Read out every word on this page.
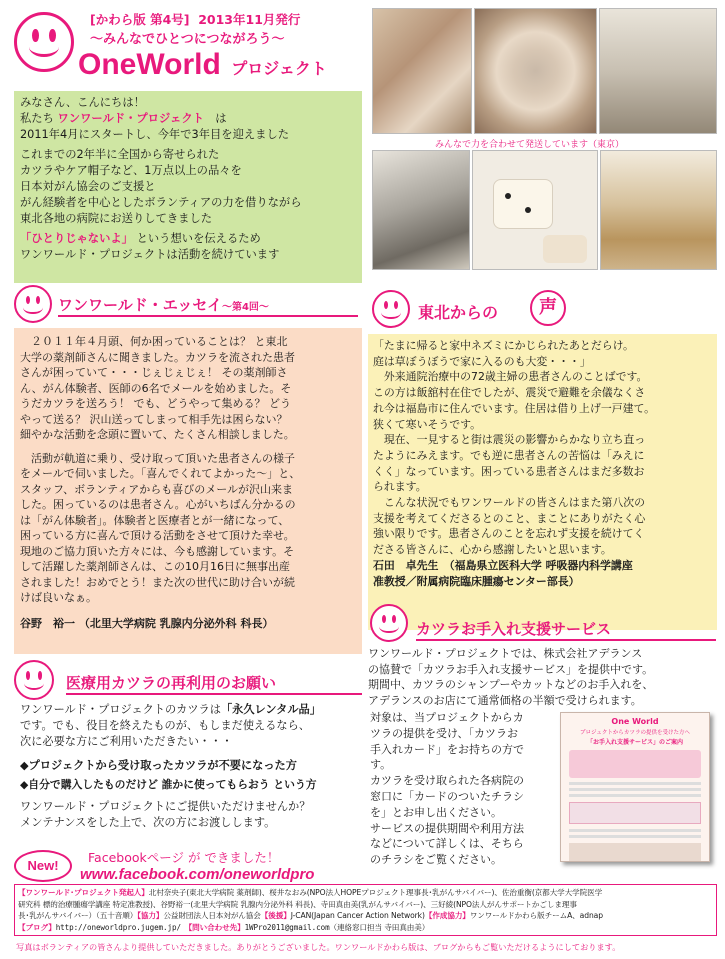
[かわら版 第4号] 2013年11月発行
～みんなでひとつにつながろう～
OneWorld プロジェクト
みなさん、こんにちは！
私たち ワンワールド・プロジェクト　 は
2011年4月にスタートし、今年で3年目を迎えました
これまでの2年半に全国から寄せられた
カツラやケア帽子など、1万点以上の品々を
日本対がん協会のご支援と
がん経験者を中心としたボランティアの力を借りながら
東北各地の病院にお送りしてきました
「ひとりじゃないよ」 という想いを伝えるため
ワンワールド・プロジェクトは活動を続けています
みんなで力を合わせて発送しています（東京）
ワンワールド・エッセイ～第4回～
　２０１１年４月頭、何か困っていることは？ と東北
大学の薬剤師さんに聞きました。カツラを流された患者
さんが困っていて・・・じぇじぇじぇ！ その薬剤師さ
ん、がん体験者、医師の6名でメールを始めました。そ
うだカツラを送ろう！ でも、どうやって集める？ どう
やって送る？ 沢山送ってしまって相手先は困らない？
細やかな活動を念頭に置いて、たくさん相談しました。
　活動が軌道に乗り、受け取って頂いた患者さんの様子
をメールで伺いました。「喜んでくれてよかった～」と、
スタッフ、ボランティアからも喜びのメールが沢山来ま
した。困っているのは患者さん。心がいちばん分かるの
は「がん体験者」。体験者と医療者とが一緒になって、
困っている方に喜んで頂ける活動をさせて頂けた幸せ。
現地のご協力頂いた方々には、今も感謝しています。そ
して活躍した薬剤師さんは、この10月16日に無事出産
されました！おめでとう！また次の世代に助け合いが続
けば良いなぁ。
谷野　裕一 （北里大学病院 乳腺内分泌外科 科長）
東北からの	声
「たまに帰ると家中ネズミにかじられたあとだらけ。
庭は草ぼうぼうで家に入るのも大変・・・」
　外来通院治療中の72歳主婦の患者さんのことばです。
この方は飯舘村在住でしたが、震災で避難を余儀なくさ
れ今は福島市に住んでいます。住居は借り上げ一戸建て。
狭くて寒いそうです。
　現在、一見すると街は震災の影響からかなり立ち直っ
たようにみえます。でも逆に患者さんの苦悩は「みえに
くく」なっています。困っている患者さんはまだ多数お
られます。
　こんな状況でもワンワールドの皆さんはまた第八次の
支援を考えてくださるとのこと、まことにありがたく心
強い限りです。患者さんのことを忘れず支援を続けてく
ださる皆さんに、心から感謝したいと思います。
石田　卓先生　（福島県立医科大学 呼吸器内科学講座
准教授／附属病院臨床腫瘍センター部長）
医療用カツラの再利用のお願い
ワンワールド・プロジェクトのカツラは「永久レンタル品」
です。でも、役目を終えたものが、もしまだ使えるなら、
次に必要な方にご利用いただきたい・・・
◆プロジェクトから受け取ったカツラが不要になった方
◆自分で購入したものだけど 誰かに使ってもらおう という方
ワンワールド・プロジェクトにご提供いただけませんか？
メンテナンスをした上で、次の方にお渡しします。
New!
Facebookページ が できました！
www.facebook.com/oneworldpro
カツラお手入れ支援サービス
ワンワールド・プロジェクトでは、株式会社アデランス
の協賛で「カツラお手入れ支援サービス」を提供中です。
期間中、カツラのシャンプーやカットなどのお手入れを、
アデランスのお店にて通常価格の半額で受けられます。
対象は、当プロジェクトからカ
ツラの提供を受け、「カツラお
手入れカード」をお持ちの方で
す。
カツラを受け取られた各病院の
窓口に「カードのついたチラシ
を」とお申し出ください。
サービスの提供期間や利用方法
などについて詳しくは、そちら
のチラシをご覧ください。
One World
プロジェクトからカツラの提供を受けた方へ
「お手入れ支援サービス」のご案内
【ワンワールド･プロジェクト発起人】北村奈央子(東北大学病院 薬剤師)、桜井なおみ(NPO法人HOPEプロジェクト理事長･乳がんサバイバー)、佐治重衡(京都大学大学院医学
研究科 標的治療腫瘍学講座 特定准教授)、谷野裕一(北里大学病院 乳腺内分泌外科 科長)、寺田真由美(乳がんサバイバー)、三好綾(NPO法人がんサポートかごしま理事
長･乳がんサバイバー）（五十音順）【協力】公益財団法人日本対がん協会【後援】J-CAN(Japan Cancer Action Network)【作成協力】ワンワールドかわら版チームA、adnap
【ブログ】http://oneworldpro.jugem.jp/　 【問い合わせ先】1WPro2011@gmail.com（連絡窓口担当 寺田真由美）
写真はボランティアの皆さんより提供していただきました。ありがとうございました。ワンワールドかわら版は、ブログからもご覧いただけるようにしております。
